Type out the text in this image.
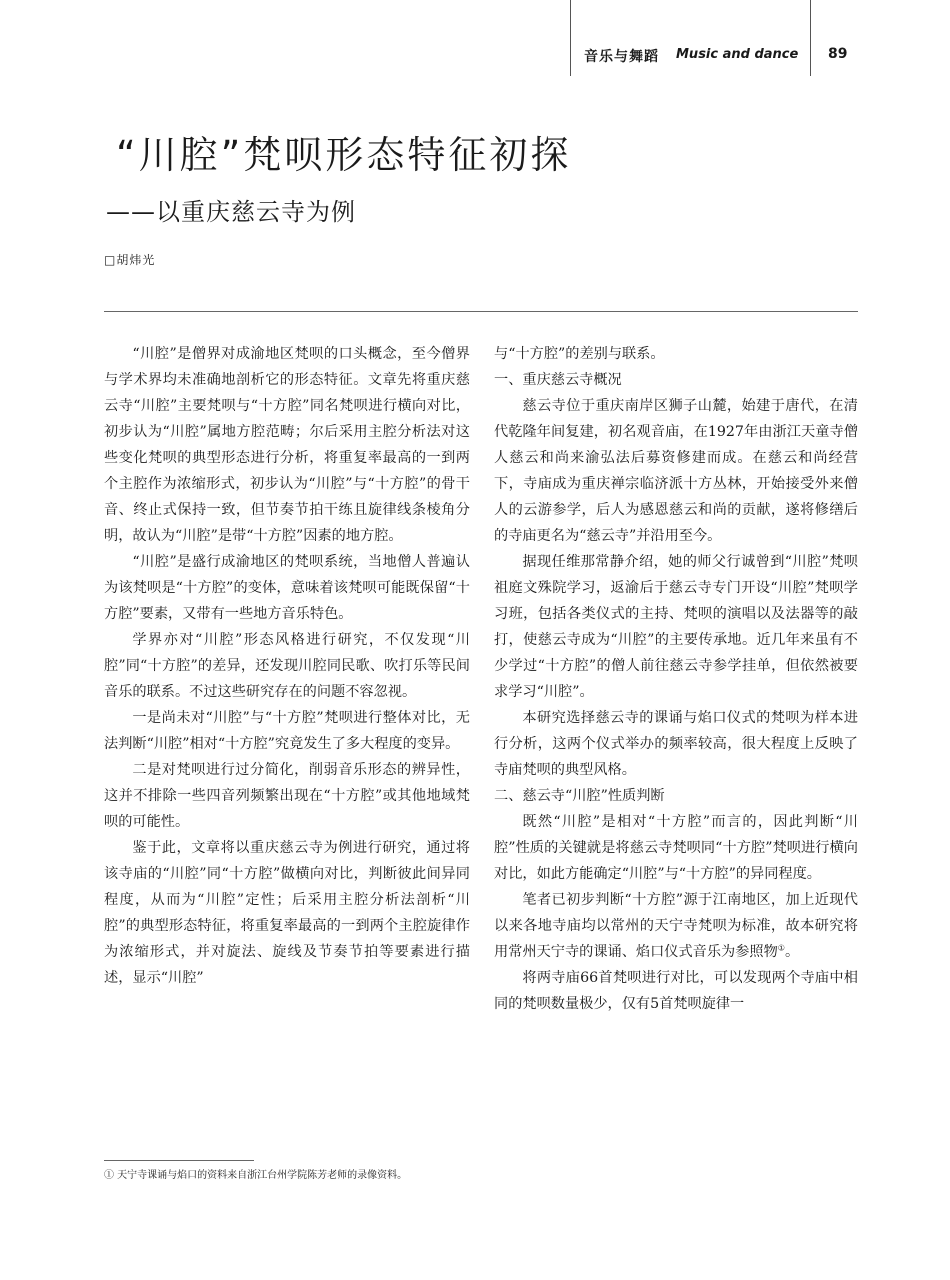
音乐与舞蹈 Music and dance 89
“川腔”梵呗形态特征初探
——以重庆慈云寺为例
□胡炜光

“川腔”是僧界对成渝地区梵呗的口头概念，至今僧界与学术界均未准确地剖析它的形态特征。文章先将重庆慈云寺“川腔”主要梵呗与“十方腔”同名梵呗进行横向对比，初步认为“川腔”属地方腔范畴；尔后采用主腔分析法对这些变化梵呗的典型形态进行分析，将重复率最高的一到两个主腔作为浓缩形式，初步认为“川腔”与“十方腔”的骨干音、终止式保持一致，但节奏节拍干练且旋律线条棱角分明，故认为“川腔”是带“十方腔”因素的地方腔。

“川腔”是盛行成渝地区的梵呗系统，当地僧人普遍认为该梵呗是“十方腔”的变体，意味着该梵呗可能既保留“十方腔”要素，又带有一些地方音乐特色。

学界亦对“川腔”形态风格进行研究，不仅发现“川腔”同“十方腔”的差异，还发现川腔同民歌、吹打乐等民间音乐的联系。不过这些研究存在的问题不容忽视。

一是尚未对“川腔”与“十方腔”梵呗进行整体对比，无法判断“川腔”相对“十方腔”究竟发生了多大程度的变异。

二是对梵呗进行过分简化，削弱音乐形态的辨异性，这并不排除一些四音列频繁出现在“十方腔”或其他地域梵呗的可能性。

鉴于此，文章将以重庆慈云寺为例进行研究，通过将该寺庙的“川腔”同“十方腔”做横向对比，判断彼此间异同程度，从而为“川腔”定性；后采用主腔分析法剖析“川腔”的典型形态特征，将重复率最高的一到两个主腔旋律作为浓缩形式，并对旋法、旋线及节奏节拍等要素进行描述，显示“川腔”

与“十方腔”的差别与联系。

一、重庆慈云寺概况

慈云寺位于重庆南岸区狮子山麓，始建于唐代，在清代乾隆年间复建，初名观音庙，在1927年由浙江天童寺僧人慈云和尚来渝弘法后募资修建而成。在慈云和尚经营下，寺庙成为重庆禅宗临济派十方丛林，开始接受外来僧人的云游参学，后人为感恩慈云和尚的贡献，遂将修缮后的寺庙更名为“慈云寺”并沿用至今。

据现任维那常静介绍，她的师父行诚曾到“川腔”梵呗祖庭文殊院学习，返渝后于慈云寺专门开设“川腔”梵呗学习班，包括各类仪式的主持、梵呗的演唱以及法器等的敲打，使慈云寺成为“川腔”的主要传承地。近几年来虽有不少学过“十方腔”的僧人前往慈云寺参学挂单，但依然被要求学习“川腔”。

本研究选择慈云寺的课诵与焰口仪式的梵呗为样本进行分析，这两个仪式举办的频率较高，很大程度上反映了寺庙梵呗的典型风格。

二、慈云寺“川腔”性质判断

既然“川腔”是相对“十方腔”而言的，因此判断“川腔”性质的关键就是将慈云寺梵呗同“十方腔”梵呗进行横向对比，如此方能确定“川腔”与“十方腔”的异同程度。

笔者已初步判断“十方腔”源于江南地区，加上近现代以来各地寺庙均以常州的天宁寺梵呗为标准，故本研究将用常州天宁寺的课诵、焰口仪式音乐为参照物①。

将两寺庙66首梵呗进行对比，可以发现两个寺庙中相同的梵呗数量极少，仅有5首梵呗旋律一

① 天宁寺课诵与焰口的资料来自浙江台州学院陈芳老师的录像资料。
